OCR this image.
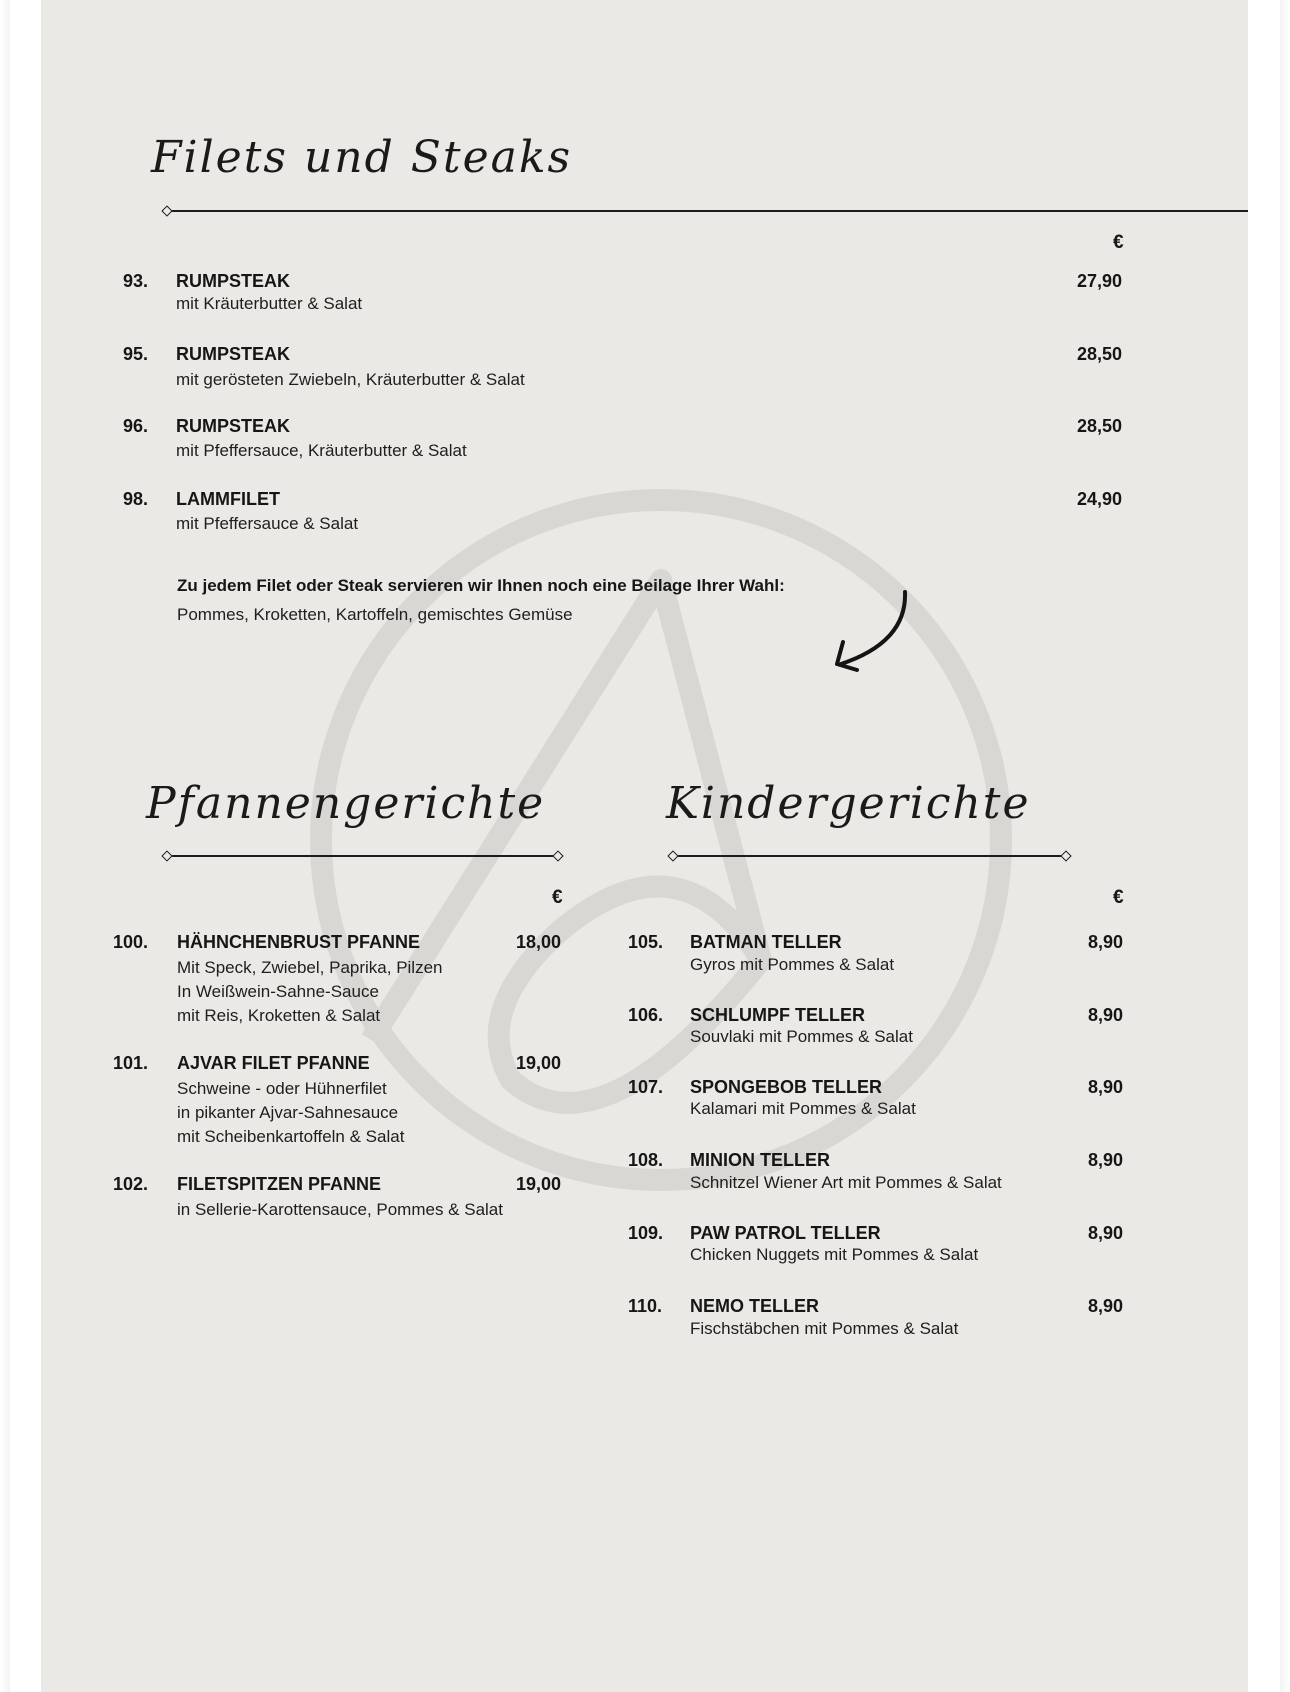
Filets und Steaks
€
93. RUMPSTEAK	27,90
mit Kräuterbutter & Salat
95. RUMPSTEAK	28,50
mit gerösteten Zwiebeln, Kräuterbutter & Salat
96. RUMPSTEAK	28,50
mit Pfeffersauce, Kräuterbutter & Salat
98. LAMMFILET	24,90
mit Pfeffersauce & Salat
Zu jedem Filet oder Steak servieren wir Ihnen noch eine Beilage Ihrer Wahl:
Pommes, Kroketten, Kartoffeln, gemischtes Gemüse
Pfannengerichte
€
100. HÄHNCHENBRUST PFANNE	18,00
Mit Speck, Zwiebel, Paprika, Pilzen
In Weißwein-Sahne-Sauce
mit Reis, Kroketten & Salat
101. AJVAR FILET PFANNE	19,00
Schweine - oder Hühnerfilet
in pikanter Ajvar-Sahnesauce
mit Scheibenkartoffeln & Salat
102. FILETSPITZEN PFANNE	19,00
in Sellerie-Karottensauce, Pommes & Salat
Kindergerichte
€
105. BATMAN TELLER	8,90
Gyros mit Pommes & Salat
106. SCHLUMPF TELLER	8,90
Souvlaki mit Pommes & Salat
107. SPONGEBOB TELLER	8,90
Kalamari mit Pommes & Salat
108. MINION TELLER	8,90
Schnitzel Wiener Art mit Pommes & Salat
109. PAW PATROL TELLER	8,90
Chicken Nuggets mit Pommes & Salat
110. NEMO TELLER	8,90
Fischstäbchen mit Pommes & Salat
